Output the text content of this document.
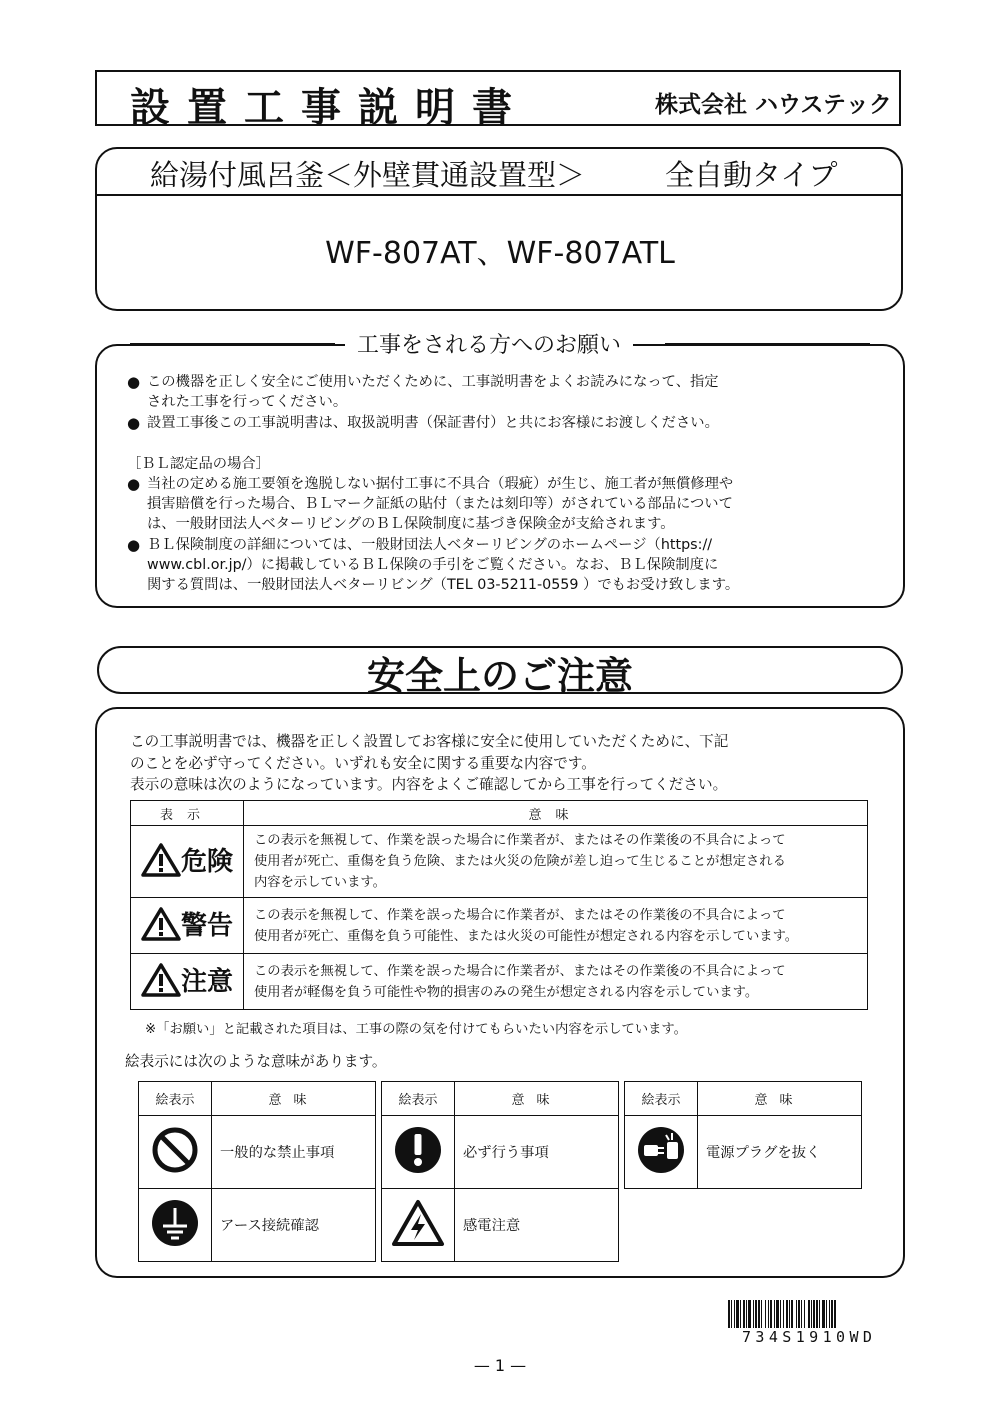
設置工事説明書	株式会社 ハウステック
給湯付風呂釜＜外壁貫通設置型＞	全自動タイプ
WF-807AT、WF-807ATL
工事をされる方へのお願い
● この機器を正しく安全にご使用いただくために、工事説明書をよくお読みになって、指定
された工事を行ってください。
● 設置工事後この工事説明書は、取扱説明書（保証書付）と共にお客様にお渡しください。
［ＢＬ認定品の場合］
● 当社の定める施工要領を逸脱しない据付工事に不具合（瑕疵）が生じ、施工者が無償修理や
損害賠償を行った場合、ＢＬマーク証紙の貼付（または刻印等）がされている部品について
は、一般財団法人ベターリビングのＢＬ保険制度に基づき保険金が支給されます。
● ＢＬ保険制度の詳細については、一般財団法人ベターリビングのホームページ（https://
www.cbl.or.jp/）に掲載しているＢＬ保険の手引をご覧ください。なお、ＢＬ保険制度に
関する質問は、一般財団法人ベターリビング（TEL 03-5211-0559 ）でもお受け致します。
安全上のご注意
この工事説明書では、機器を正しく設置してお客様に安全に使用していただくために、下記
のことを必ず守ってください。いずれも安全に関する重要な内容です。
表示の意味は次のようになっています。内容をよくご確認してから工事を行ってください。
表示	意味

危険	この表示を無視して、作業を誤った場合に作業者が、またはその作業後の不具合によって
使用者が死亡、重傷を負う危険、または火災の危険が差し迫って生じることが想定される
内容を示しています。

警告	この表示を無視して、作業を誤った場合に作業者が、またはその作業後の不具合によって
使用者が死亡、重傷を負う可能性、または火災の可能性が想定される内容を示しています。

注意	この表示を無視して、作業を誤った場合に作業者が、またはその作業後の不具合によって
使用者が軽傷を負う可能性や物的損害のみの発生が想定される内容を示しています。
※「お願い」と記載された項目は、工事の際の気を付けてもらいたい内容を示しています。
絵表示には次のような意味があります。
絵表示	意味
	一般的な禁止事項
	アース接続確認
絵表示	意味
	必ず行う事項
	感電注意
絵表示	意味
	電源プラグを抜く
734S1910WD
— 1 —
